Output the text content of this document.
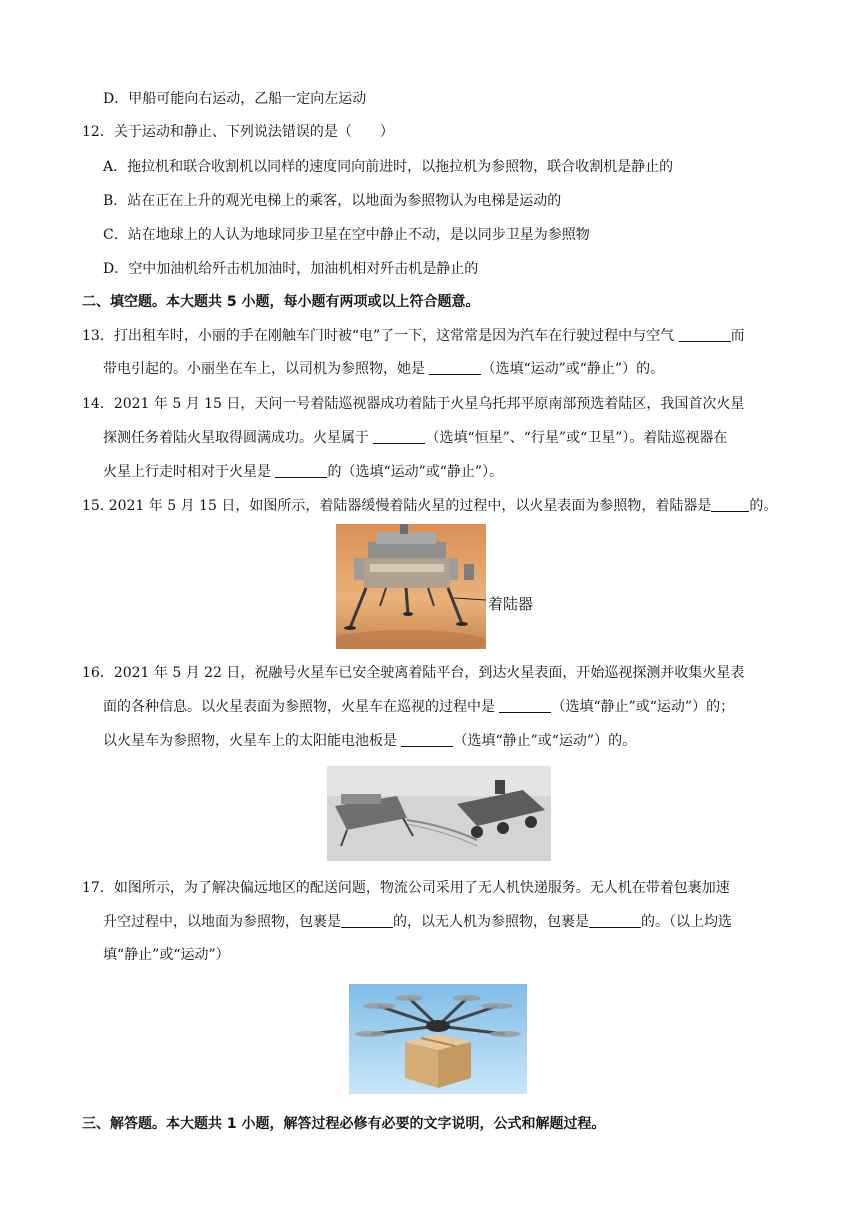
D．甲船可能向右运动，乙船一定向左运动
12．关于运动和静止、下列说法错误的是（　　）
A．拖拉机和联合收割机以同样的速度同向前进时，以拖拉机为参照物，联合收割机是静止的
B．站在正在上升的观光电梯上的乘客，以地面为参照物认为电梯是运动的
C．站在地球上的人认为地球同步卫星在空中静止不动，是以同步卫星为参照物
D．空中加油机给歼击机加油时，加油机相对歼击机是静止的
二、填空题。本大题共 5 小题，每小题有两项或以上符合题意。
13．打出租车时，小丽的手在刚触车门时被“电”了一下，这常常是因为汽车在行驶过程中与空气	而
带电引起的。小丽坐在车上，以司机为参照物，她是	（选填“运动”或“静止”）的。
14．2021 年 5 月 15 日，天问一号着陆巡视器成功着陆于火星乌托邦平原南部预选着陆区，我国首次火星
探测任务着陆火星取得圆满成功。火星属于	（选填“恒星”、“行星”或“卫星”）。着陆巡视器在
火星上行走时相对于火星是	的（选填“运动”或“静止”）。
15. 2021 年 5 月 15 日，如图所示，着陆器缓慢着陆火星的过程中，以火星表面为参照物，着陆器是	的。
着陆器
16．2021 年 5 月 22 日，祝融号火星车已安全驶离着陆平台，到达火星表面，开始巡视探测并收集火星表
面的各种信息。以火星表面为参照物，火星车在巡视的过程中是	（选填“静止”或“运动”）的；
以火星车为参照物，火星车上的太阳能电池板是	（选填“静止”或“运动”）的。
17．如图所示，为了解决偏远地区的配送问题，物流公司采用了无人机快递服务。无人机在带着包裹加速
升空过程中，以地面为参照物，包裹是	的，以无人机为参照物，包裹是	的。（以上均选
填“静止”或“运动”）
三、解答题。本大题共 1 小题，解答过程必修有必要的文字说明，公式和解题过程。
